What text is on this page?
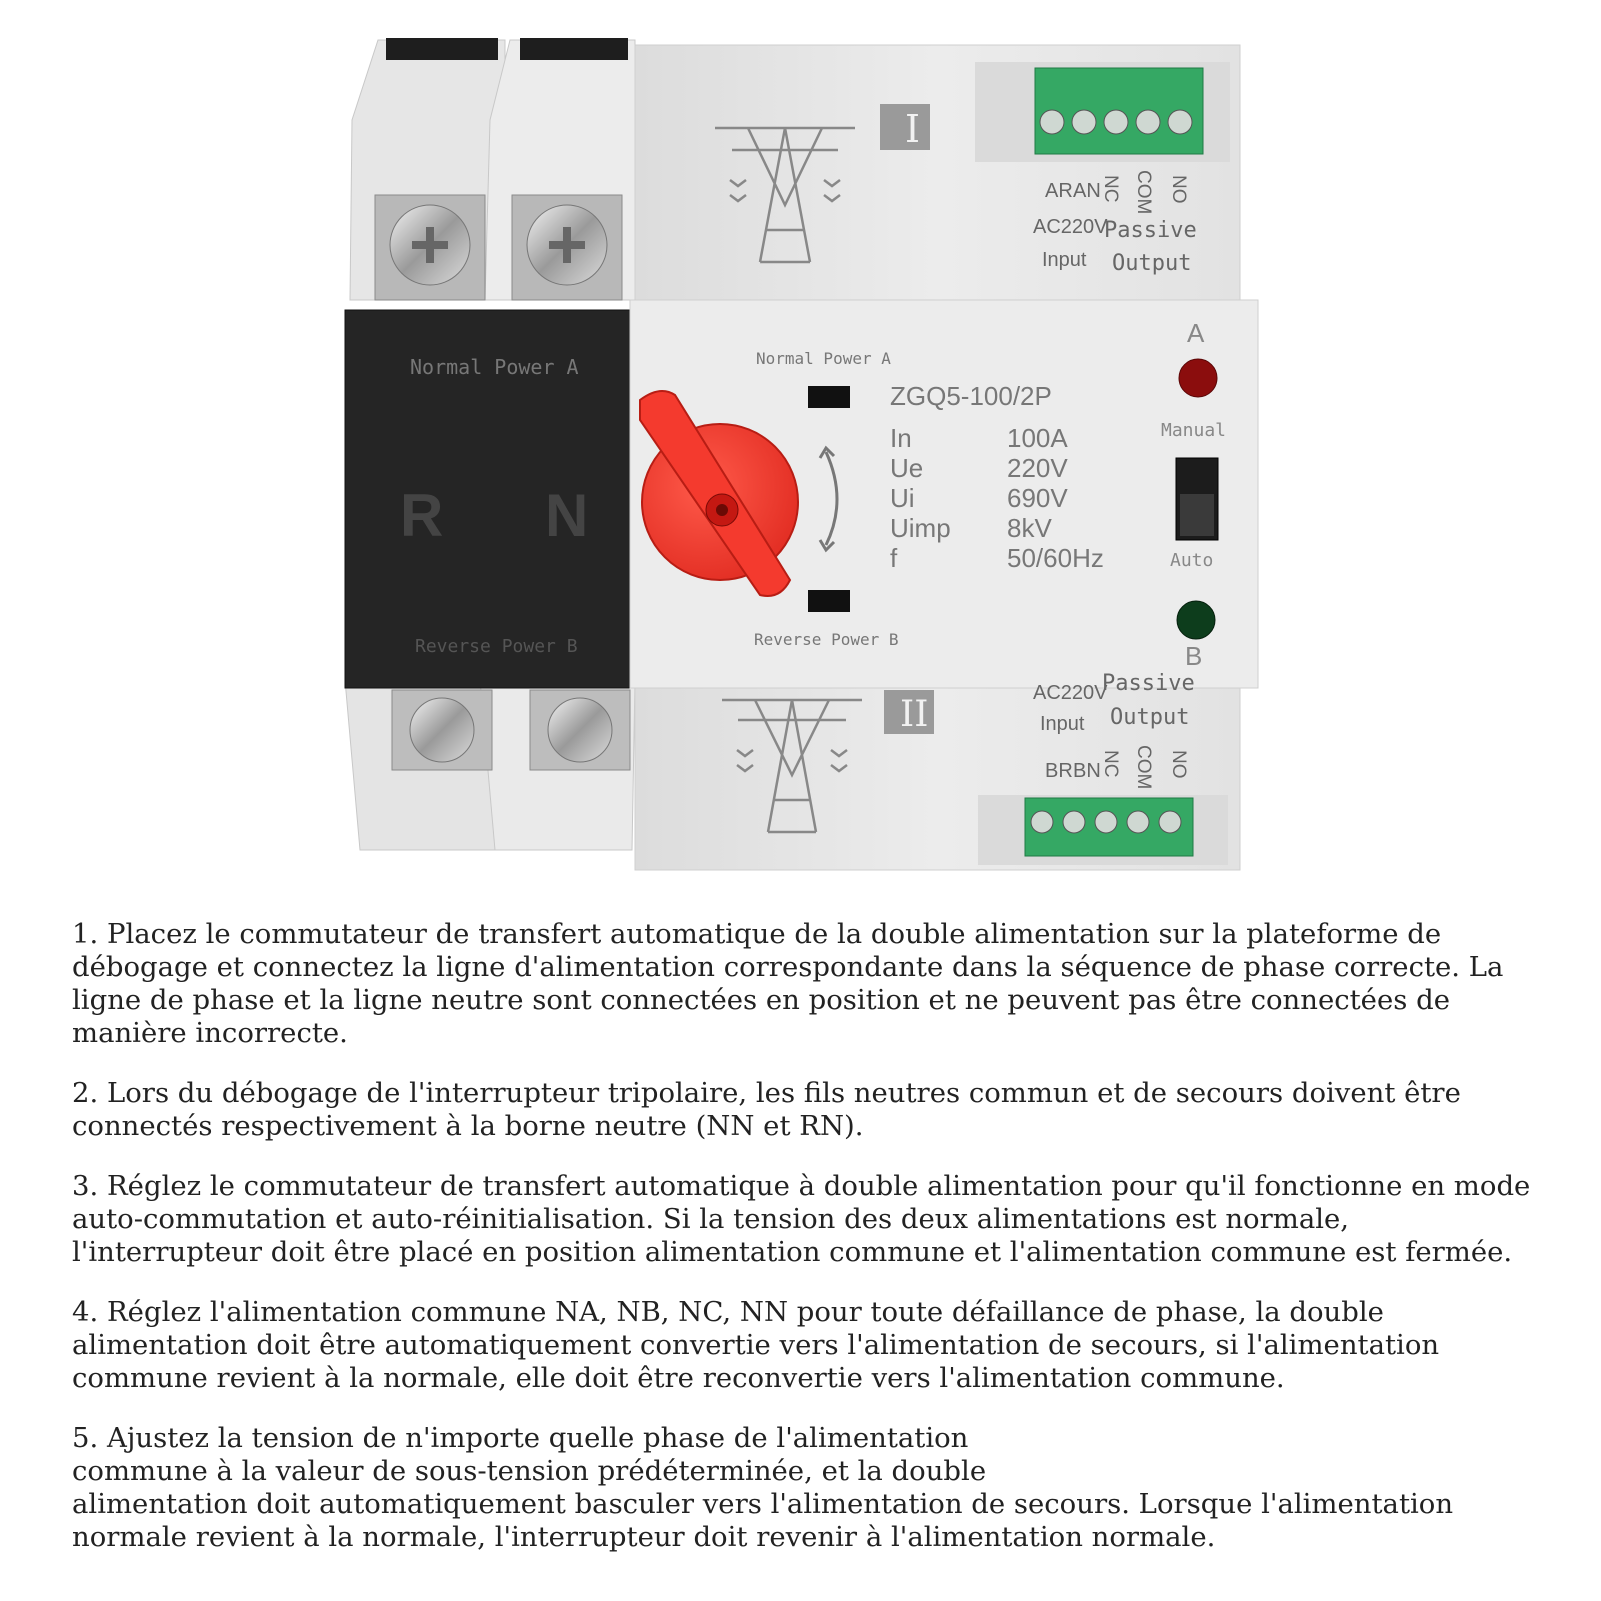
I
II
Normal Power A
R N
Reverse Power B
Normal Power A
Reverse Power B
ZGQ5-100/2P
In
Ue
Ui
Uimp
f
100A
220V
690V
8kV
50/60Hz
A
B
Manual
Auto
AR AN NC COM NO
AC220V
Input
Passive
Output
AC220V
Passive
Input Output
BR BN NC COM NO

1. Placez le commutateur de transfert automatique de la double alimentation sur la plateforme de débogage et connectez la ligne d'alimentation correspondante dans la séquence de phase correcte. La ligne de phase et la ligne neutre sont connectées en position et ne peuvent pas être connectées de manière incorrecte.

2. Lors du débogage de l'interrupteur tripolaire, les fils neutres commun et de secours doivent être connectés respectivement à la borne neutre (NN et RN).

3. Réglez le commutateur de transfert automatique à double alimentation pour qu'il fonctionne en mode auto-commutation et auto-réinitialisation. Si la tension des deux alimentations est normale, l'interrupteur doit être placé en position alimentation commune et l'alimentation commune est fermée.

4. Réglez l'alimentation commune NA, NB, NC, NN pour toute défaillance de phase, la double alimentation doit être automatiquement convertie vers l'alimentation de secours, si l'alimentation commune revient à la normale, elle doit être reconvertie vers l'alimentation commune.

5. Ajustez la tension de n'importe quelle phase de l'alimentation
commune à la valeur de sous-tension prédéterminée, et la double
alimentation doit automatiquement basculer vers l'alimentation de secours. Lorsque l'alimentation normale revient à la normale, l'interrupteur doit revenir à l'alimentation normale.
